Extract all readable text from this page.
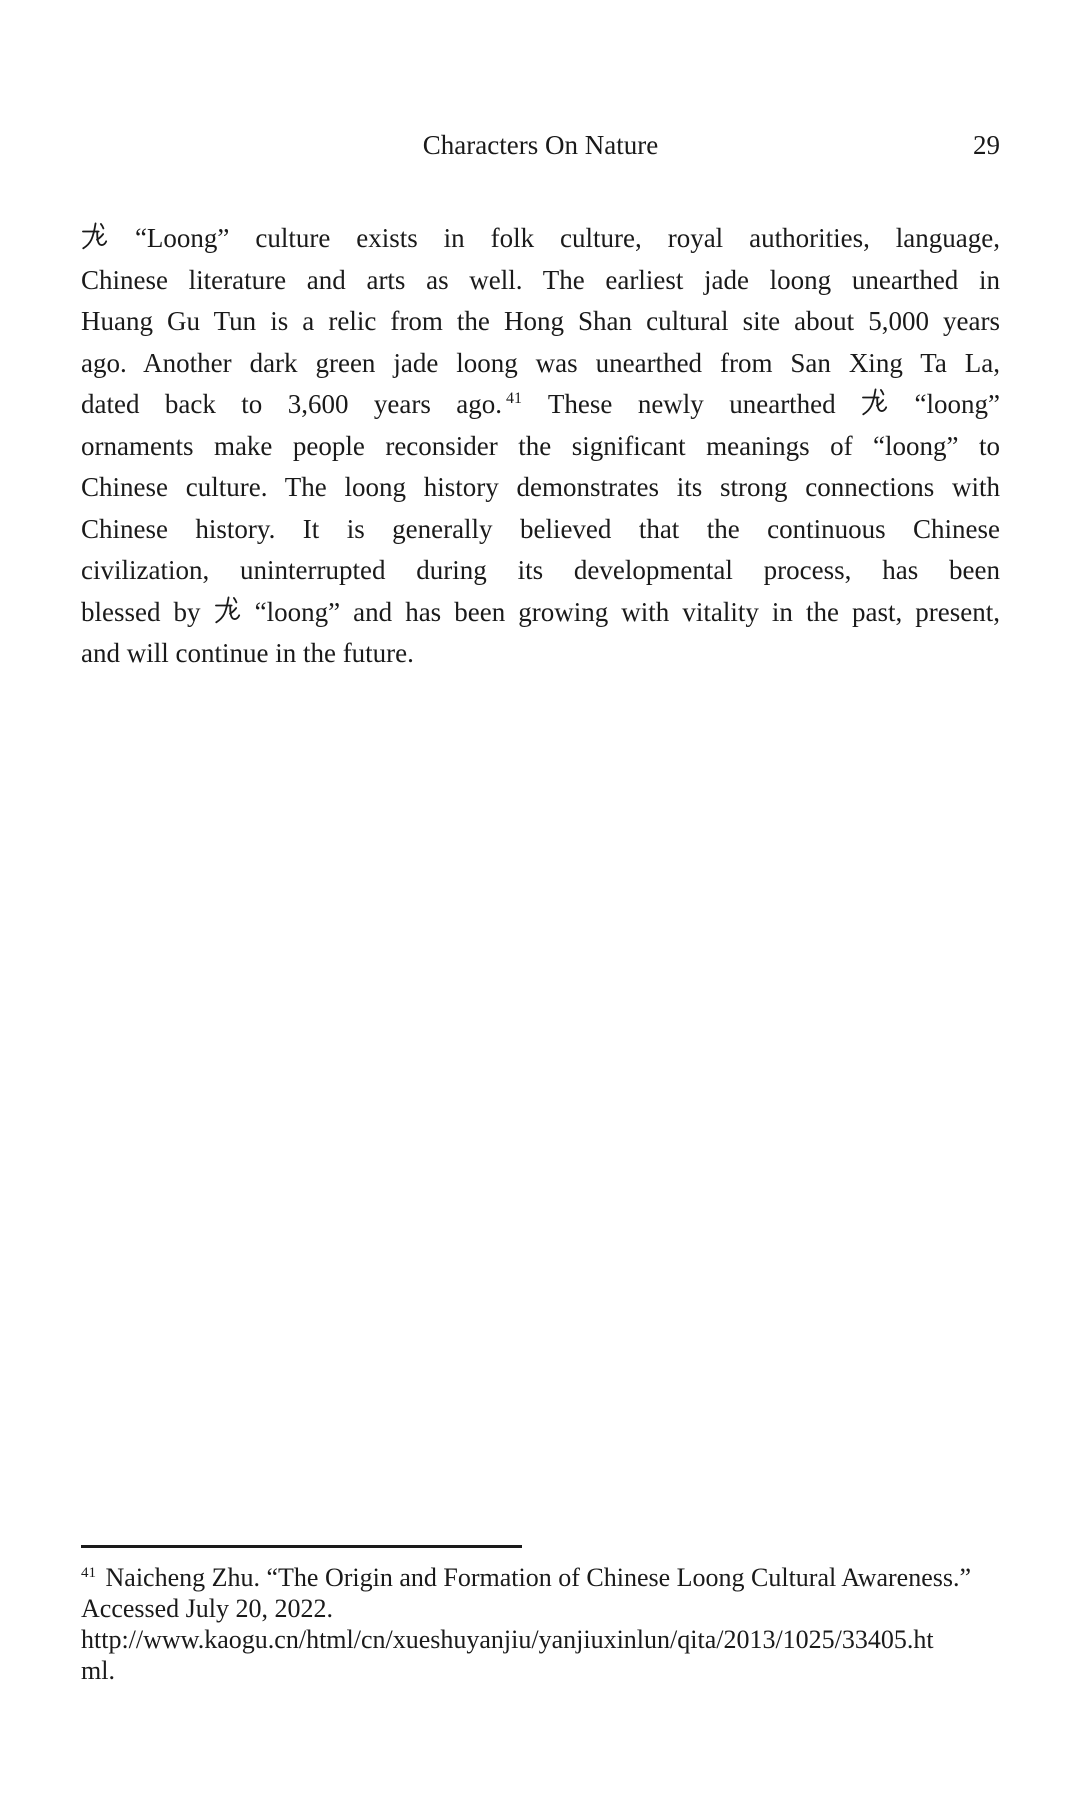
Characters On Nature	29
“Loong” culture exists in folk culture, royal authorities, language,
Chinese literature and arts as well. The earliest jade loong unearthed in
Huang Gu Tun is a relic from the Hong Shan cultural site about 5,000 years
ago. Another dark green jade loong was unearthed from San Xing Ta La,
dated back to 3,600 years ago. $^{41}$ These newly unearthed
“loong”
ornaments make people reconsider the significant meanings of “loong” to
Chinese culture. The loong history demonstrates its strong connections with
Chinese history. It is generally believed that the continuous Chinese
civilization, uninterrupted during its developmental process, has been
blessed by
“loong” and has been growing with vitality in the past, present,
and will continue in the future.
$^{41}$ Naicheng Zhu. “The Origin and Formation of Chinese Loong Cultural Awareness.”
Accessed July 20, 2022.
http://www.kaogu.cn/html/cn/xueshuyanjiu/yanjiuxinlun/qita/2013/1025/33405.ht
ml.
